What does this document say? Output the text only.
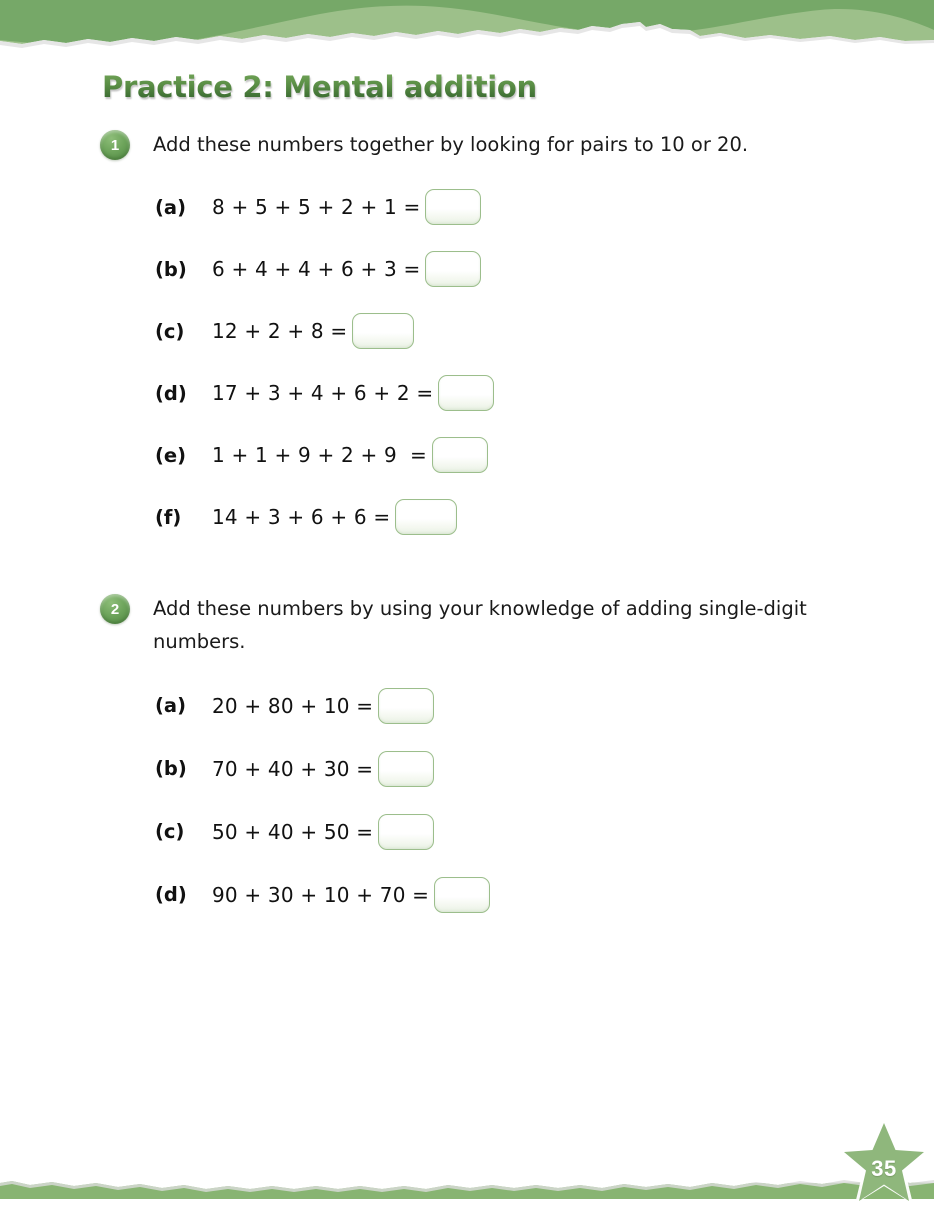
Practice 2: Mental addition
1	Add these numbers together by looking for pairs to 10 or 20.
(a)	8 + 5 + 5 + 2 + 1 =
(b)	6 + 4 + 4 + 6 + 3 =
(c)	12 + 2 + 8 =
(d)	17 + 3 + 4 + 6 + 2 =
(e)	1 + 1 + 9 + 2 + 9  =
(f)	14 + 3 + 6 + 6 =
2	Add these numbers by using your knowledge of adding single-digit numbers.
(a)	20 + 80 + 10 =
(b)	70 + 40 + 30 =
(c)	50 + 40 + 50 =
(d)	90 + 30 + 10 + 70 =
35
